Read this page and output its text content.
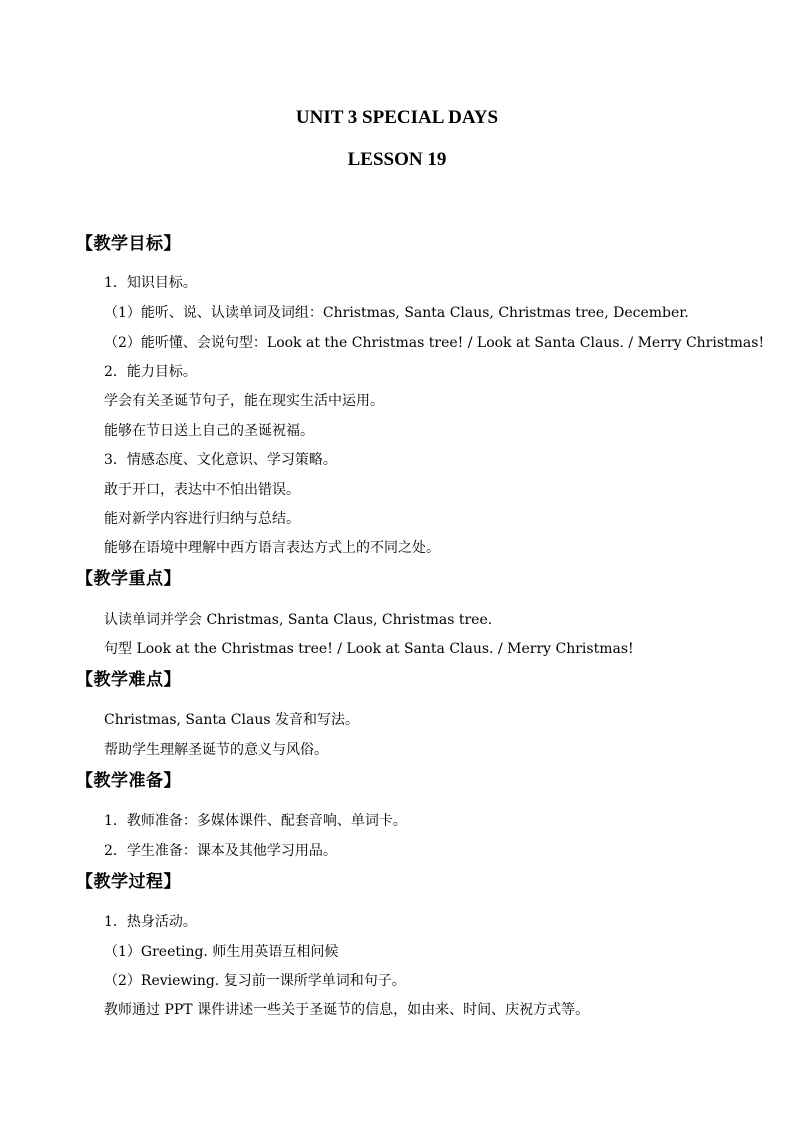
UNIT 3 SPECIAL DAYS
LESSON 19
【教学目标】

1．知识目标。

（1）能听、说、认读单词及词组：Christmas, Santa Claus, Christmas tree, December.

（2）能听懂、会说句型：Look at the Christmas tree! / Look at Santa Claus. / Merry Christmas!

2．能力目标。

学会有关圣诞节句子，能在现实生活中运用。

能够在节日送上自己的圣诞祝福。

3．情感态度、文化意识、学习策略。

敢于开口，表达中不怕出错误。

能对新学内容进行归纳与总结。

能够在语境中理解中西方语言表达方式上的不同之处。

【教学重点】

认读单词并学会 Christmas, Santa Claus, Christmas tree.

句型 Look at the Christmas tree! / Look at Santa Claus. / Merry Christmas!

【教学难点】

Christmas, Santa Claus 发音和写法。

帮助学生理解圣诞节的意义与风俗。

【教学准备】

1．教师准备：多媒体课件、配套音响、单词卡。

2．学生准备：课本及其他学习用品。

【教学过程】

1．热身活动。

（1）Greeting. 师生用英语互相问候

（2）Reviewing. 复习前一课所学单词和句子。

教师通过 PPT 课件讲述一些关于圣诞节的信息，如由来、时间、庆祝方式等。
